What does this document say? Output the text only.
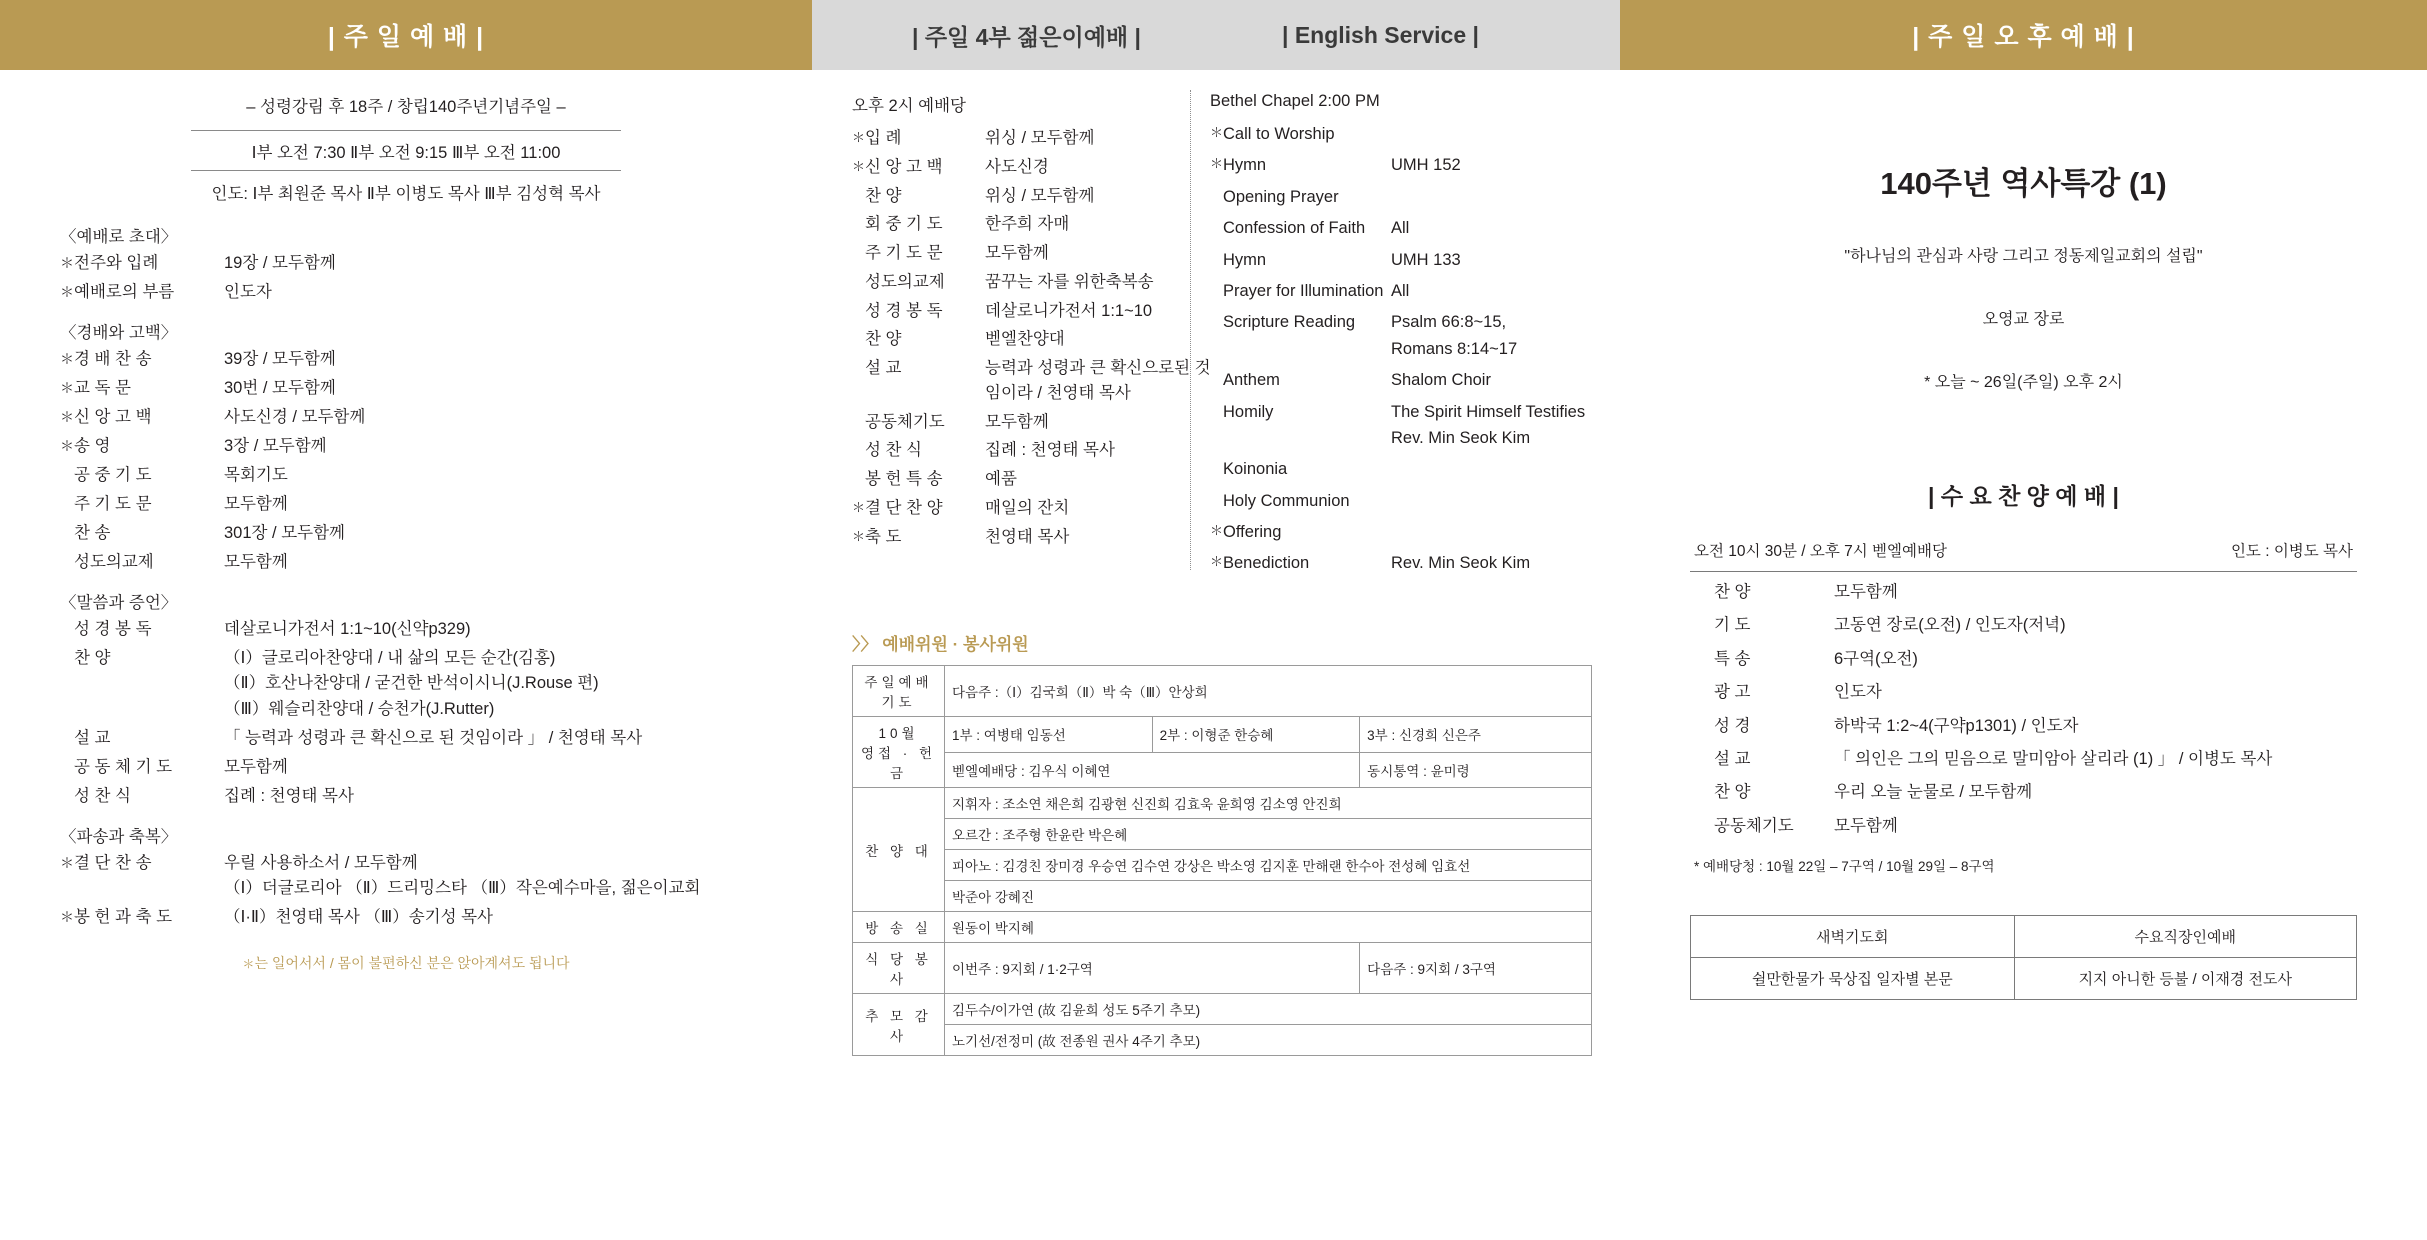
| 주 일 예 배 |	| 주일 4부 젊은이예배 |	| English Service |	| 주 일 오 후 예 배 |
– 성령강림 후 18주 / 창립140주년기념주일 –
Ⅰ부 오전 7:30 Ⅱ부 오전 9:15 Ⅲ부 오전 11:00
인도: Ⅰ부 최원준 목사 Ⅱ부 이병도 목사 Ⅲ부 김성혁 목사
〈예배로 초대〉
＊ 전주와 입례	19장 / 모두함께
＊ 예배로의 부름	인도자
〈경배와 고백〉
＊ 경 배 찬 송	39장 / 모두함께
＊ 교 독 문	30번 / 모두함께
＊ 신 앙 고 백	사도신경 / 모두함께
＊ 송 영	3장 / 모두함께
공 중 기 도	목회기도
주 기 도 문	모두함께
찬 송	301장 / 모두함께
성도의교제	모두함께
〈말씀과 증언〉
성 경 봉 독	데살로니가전서 1:1~10(신약p329)
찬 양	（Ⅰ）글로리아찬양대 / 내 삶의 모든 순간(김홍)
（Ⅱ）호산나찬양대 / 굳건한 반석이시니(J.Rouse 편)
（Ⅲ）웨슬리찬양대 / 승천가(J.Rutter)
설 교	「 능력과 성령과 큰 확신으로 된 것임이라 」 / 천영태 목사
공 동 체 기 도	모두함께
성 찬 식	집례 : 천영태 목사
〈파송과 축복〉
＊ 결 단 찬 송	우릴 사용하소서 / 모두함께
（Ⅰ）더글로리아 （Ⅱ）드리밍스타 （Ⅲ）작은예수마을, 젊은이교회
＊ 봉 헌 과 축 도	（Ⅰ·Ⅱ）천영태 목사 （Ⅲ）송기성 목사
＊는 일어서서 / 몸이 불편하신 분은 앉아계셔도 됩니다
오후 2시 예배당
＊ 입 례	위싱 / 모두함께
＊ 신 앙 고 백	사도신경
찬 양	위싱 / 모두함께
회 중 기 도	한주희 자매
주 기 도 문	모두함께
성도의교제	꿈꾸는 자를 위한축복송
성 경 봉 독	데살로니가전서 1:1~10
찬 양	벧엘찬양대
설 교	능력과 성령과 큰 확신으로된 것임이라 / 천영태 목사
공동체기도	모두함께
성 찬 식	집례 : 천영태 목사
봉 헌 특 송	예품
＊ 결 단 찬 양	매일의 잔치
＊ 축 도	천영태 목사
〉〉 예배위원 · 봉사위원
주일예배기도	다음주 :（Ⅰ）김국희（Ⅱ）박 숙（Ⅲ）안상희		
10월
영접 · 헌금	1부 : 여병태 임동선	2부 : 이형준 한승혜	3부 : 신경희 신은주
	벧엘예배당 : 김우식 이혜연		동시통역 : 윤미령
찬 양 대	지휘자 : 조소연 채은희 김광현 신진희 김효욱 윤희영 김소영 안진희		
	오르간 : 조주형 한윤란 박은혜		
	피아노 : 김경친 장미경 우승연 김수연 강상은 박소영 김지훈 만해랜 한수아 전성혜 임효선		
	박준아 강혜진		
방 송 실	원동이 박지혜		
식 당 봉 사	이번주 : 9지회 / 1·2구역		다음주 : 9지회 / 3구역
추 모 감 사	김두수/이가연 (故 김윤희 성도 5주기 추모)		
	노기선/전정미 (故 전종원 권사 4주기 추모)		
Bethel Chapel 2:00 PM
＊ Call to Worship
＊ Hymn	UMH 152
Opening Prayer
Confession of Faith	All
Hymn	UMH 133
Prayer for Illumination All
Scripture Reading	Psalm 66:8~15,
Romans 8:14~17
Anthem	Shalom Choir
Homily	The Spirit Himself Testifies
Rev. Min Seok Kim
Koinonia
Holy Communion
＊ Offering
＊ Benediction	Rev. Min Seok Kim
140주년 역사특강 (1)
"하나님의 관심과 사랑 그리고 정동제일교회의 설립"
오영교 장로
* 오늘 ~ 26일(주일) 오후 2시
| 수 요 찬 양 예 배 |
오전 10시 30분 / 오후 7시 벧엘예배당	인도 : 이병도 목사
찬 양	모두함께
기 도	고동연 장로(오전) / 인도자(저녁)
특 송	6구역(오전)
광 고	인도자
성 경	하박국 1:2~4(구약p1301) / 인도자
설 교	「 의인은 그의 믿음으로 말미암아 살리라 (1) 」 / 이병도 목사
찬 양	우리 오늘 눈물로 / 모두함께
공동체기도	모두함께
* 예배당청 : 10월 22일 – 7구역 / 10월 29일 – 8구역
새벽기도회	수요직장인예배
쉴만한물가 묵상집 일자별 본문	지지 아니한 등불 / 이재경 전도사
